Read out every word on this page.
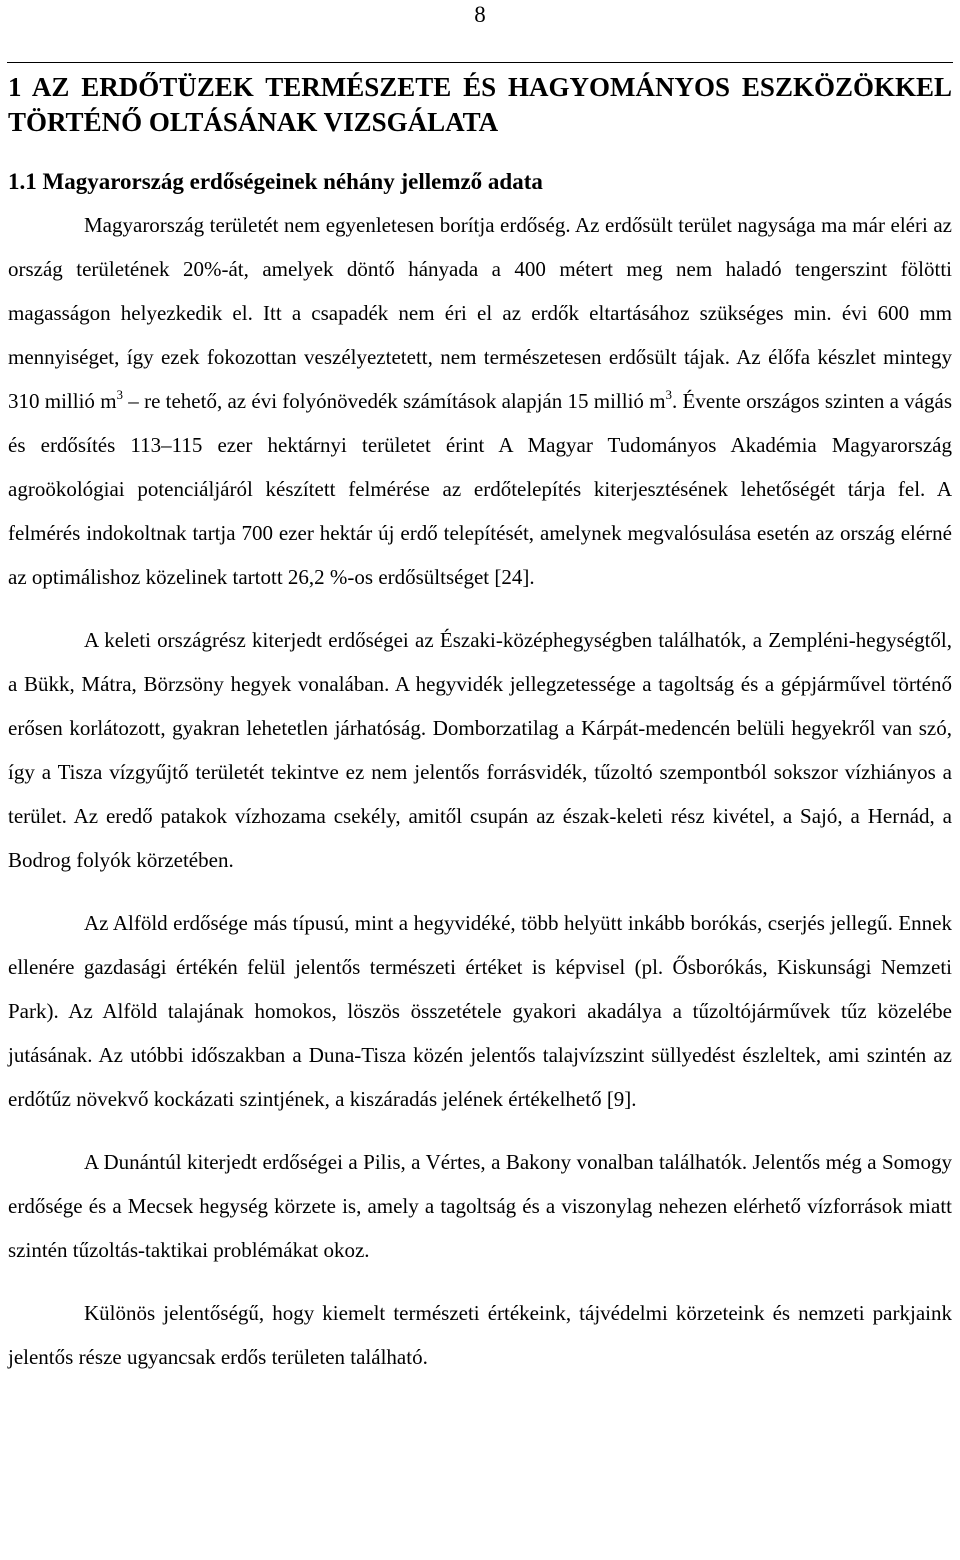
8
1 AZ ERDŐTÜZEK TERMÉSZETE ÉS HAGYOMÁNYOS ESZKÖZÖKKEL TÖRTÉNŐ OLTÁSÁNAK VIZSGÁLATA
1.1 Magyarország erdőségeinek néhány jellemző adata

Magyarország területét nem egyenletesen borítja erdőség. Az erdősült terület nagysága ma már eléri az ország területének 20%-át, amelyek döntő hányada a 400 métert meg nem haladó tengerszint fölötti magasságon helyezkedik el. Itt a csapadék nem éri el az erdők eltartásához szükséges min. évi 600 mm mennyiséget, így ezek fokozottan veszélyeztetett, nem természetesen erdősült tájak. Az élőfa készlet mintegy 310 millió $m^3$ – re tehető, az évi folyónövedék számítások alapján 15 millió $m^3$. Évente országos szinten a vágás és erdősítés 113–115 ezer hektárnyi területet érint A Magyar Tudományos Akadémia Magyarország agroökológiai potenciáljáról készített felmérése az erdőtelepítés kiterjesztésének lehetőségét tárja fel. A felmérés indokoltnak tartja 700 ezer hektár új erdő telepítését, amelynek megvalósulása esetén az ország elérné az optimálishoz közelinek tartott 26,2 %-os erdősültséget [24].

A keleti országrész kiterjedt erdőségei az Északi-középhegységben találhatók, a Zempléni-hegységtől, a Bükk, Mátra, Börzsöny hegyek vonalában. A hegyvidék jellegzetessége a tagoltság és a gépjárművel történő erősen korlátozott, gyakran lehetetlen járhatóság. Domborzatilag a Kárpát-medencén belüli hegyekről van szó, így a Tisza vízgyűjtő területét tekintve ez nem jelentős forrásvidék, tűzoltó szempontból sokszor vízhiányos a terület. Az eredő patakok vízhozama csekély, amitől csupán az észak-keleti rész kivétel, a Sajó, a Hernád, a Bodrog folyók körzetében.

Az Alföld erdősége más típusú, mint a hegyvidéké, több helyütt inkább borókás, cserjés jellegű. Ennek ellenére gazdasági értékén felül jelentős természeti értéket is képvisel (pl. Ősborókás, Kiskunsági Nemzeti Park). Az Alföld talajának homokos, löszös összetétele gyakori akadálya a tűzoltójárművek tűz közelébe jutásának. Az utóbbi időszakban a Duna-Tisza közén jelentős talajvízszint süllyedést észleltek, ami szintén az erdőtűz növekvő kockázati szintjének, a kiszáradás jelének értékelhető [9].

A Dunántúl kiterjedt erdőségei a Pilis, a Vértes, a Bakony vonalban találhatók. Jelentős még a Somogy erdősége és a Mecsek hegység körzete is, amely a tagoltság és a viszonylag nehezen elérhető vízforrások miatt szintén tűzoltás-taktikai problémákat okoz.

Különös jelentőségű, hogy kiemelt természeti értékeink, tájvédelmi körzeteink és nemzeti parkjaink jelentős része ugyancsak erdős területen található.
